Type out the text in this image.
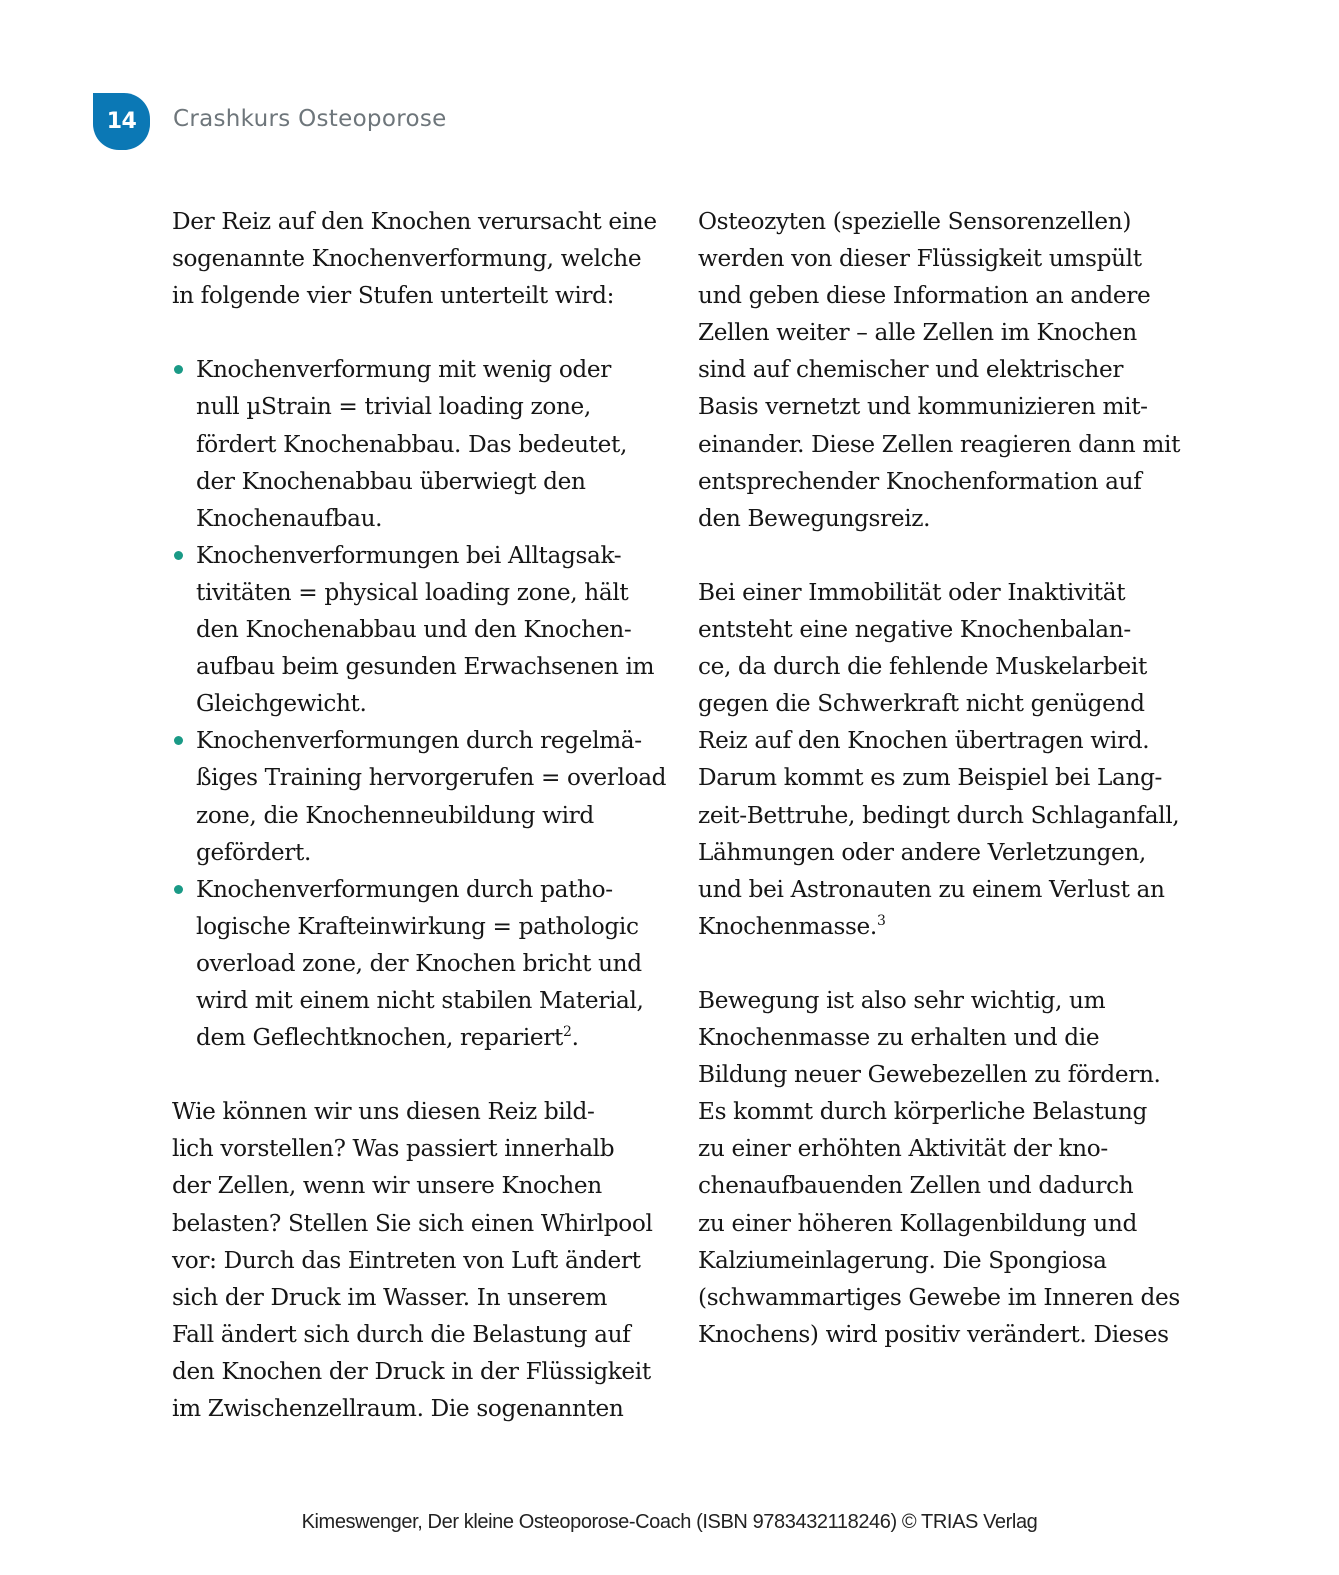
14 Crashkurs Osteoporose
Der Reiz auf den Knochen verursacht eine
sogenannte Knochenverformung, welche
in folgende vier Stufen unterteilt wird:
Knochenverformung mit wenig oder
null µStrain = trivial loading zone,
fördert Knochenabbau. Das bedeutet,
der Knochenabbau überwiegt den
Knochenaufbau.
Knochenverformungen bei Alltagsak-
tivitäten = physical loading zone, hält
den Knochenabbau und den Knochen-
aufbau beim gesunden Erwachsenen im
Gleichgewicht.
Knochenverformungen durch regelmä-
ßiges Training hervorgerufen = overload
zone, die Knochenneubildung wird
gefördert.
Knochenverformungen durch patho-
logische Krafteinwirkung = pathologic
overload zone, der Knochen bricht und
wird mit einem nicht stabilen Material,
dem Geflechtknochen, repariert$^2$.
Wie können wir uns diesen Reiz bild-
lich vorstellen? Was passiert innerhalb
der Zellen, wenn wir unsere Knochen
belasten? Stellen Sie sich einen Whirlpool
vor: Durch das Eintreten von Luft ändert
sich der Druck im Wasser. In unserem
Fall ändert sich durch die Belastung auf
den Knochen der Druck in der Flüssigkeit
im Zwischenzellraum. Die sogenannten
Osteozyten (spezielle Sensorenzellen)
werden von dieser Flüssigkeit umspült
und geben diese Information an andere
Zellen weiter – alle Zellen im Knochen
sind auf chemischer und elektrischer
Basis vernetzt und kommunizieren mit-
einander. Diese Zellen reagieren dann mit
entsprechender Knochenformation auf
den Bewegungsreiz.
Bei einer Immobilität oder Inaktivität
entsteht eine negative Knochenbalan-
ce, da durch die fehlende Muskelarbeit
gegen die Schwerkraft nicht genügend
Reiz auf den Knochen übertragen wird.
Darum kommt es zum Beispiel bei Lang-
zeit-Bettruhe, bedingt durch Schlaganfall,
Lähmungen oder andere Verletzungen,
und bei Astronauten zu einem Verlust an
Knochenmasse.$^3$
Bewegung ist also sehr wichtig, um
Knochenmasse zu erhalten und die
Bildung neuer Gewebezellen zu fördern.
Es kommt durch körperliche Belastung
zu einer erhöhten Aktivität der kno-
chenaufbauenden Zellen und dadurch
zu einer höheren Kollagenbildung und
Kalziumeinlagerung. Die Spongiosa
(schwammartiges Gewebe im Inneren des
Knochens) wird positiv verändert. Dieses
Kimeswenger, Der kleine Osteoporose-Coach (ISBN 9783432118246) © TRIAS Verlag
